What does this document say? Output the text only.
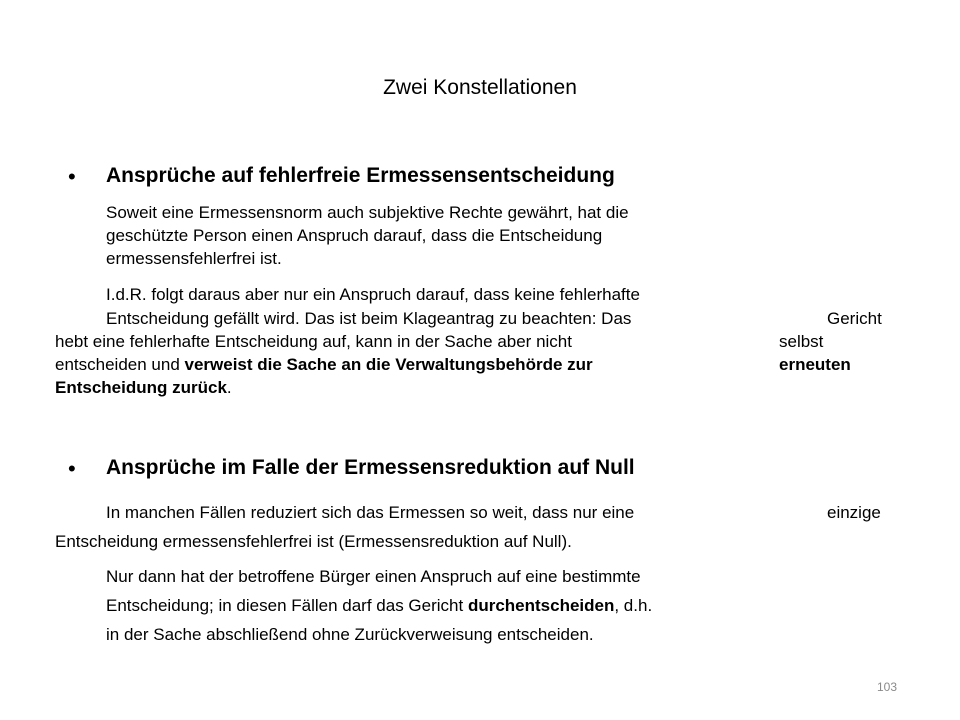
Zwei Konstellationen
• Ansprüche auf fehlerfreie Ermessensentscheidung
Soweit eine Ermessensnorm auch subjektive Rechte gewährt, hat die
geschützte Person einen Anspruch darauf, dass die Entscheidung
ermessensfehlerfrei ist.
I.d.R. folgt daraus aber nur ein Anspruch darauf, dass keine fehlerhafte
Entscheidung gefällt wird. Das ist beim Klageantrag zu beachten: Das	Gericht
hebt eine fehlerhafte Entscheidung auf, kann in der Sache aber nicht	selbst
entscheiden und verweist die Sache an die Verwaltungsbehörde zur	erneuten
Entscheidung zurück.
• Ansprüche im Falle der Ermessensreduktion auf Null
In manchen Fällen reduziert sich das Ermessen so weit, dass nur eine	einzige
Entscheidung ermessensfehlerfrei ist (Ermessensreduktion auf Null).
Nur dann hat der betroffene Bürger einen Anspruch auf eine bestimmte
Entscheidung; in diesen Fällen darf das Gericht durchentscheiden, d.h.
in der Sache abschließend ohne Zurückverweisung entscheiden.
103
